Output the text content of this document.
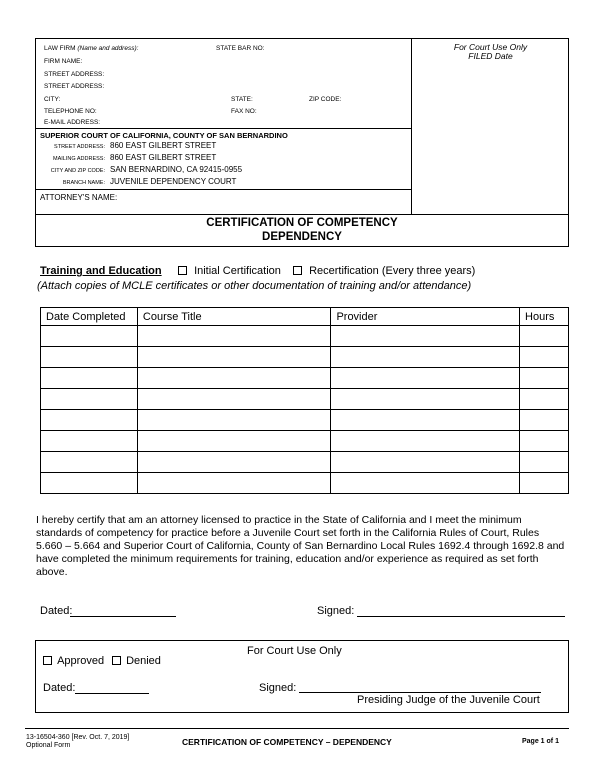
LAW FIRM (Name and address):	STATE BAR NO:
FIRM NAME:
STREET ADDRESS:
STREET ADDRESS:
CITY:	STATE:	ZIP CODE:
TELEPHONE NO:	FAX NO:
E-MAIL ADDRESS:
For Court Use Only
FILED Date
SUPERIOR COURT OF CALIFORNIA, COUNTY OF SAN BERNARDINO
STREET ADDRESS: 860 EAST GILBERT STREET
MAILING ADDRESS: 860 EAST GILBERT STREET
CITY AND ZIP CODE: SAN BERNARDINO, CA 92415-0955
BRANCH NAME: JUVENILE DEPENDENCY COURT
ATTORNEY'S NAME:
CERTIFICATION OF COMPETENCY
DEPENDENCY
Training and Education	Initial Certification	Recertification (Every three years)
(Attach copies of MCLE certificates or other documentation of training and/or attendance)
Date Completed	Course Title	Provider	Hours

I hereby certify that am an attorney licensed to practice in the State of California and I meet the minimum standards of competency for practice before a Juvenile Court set forth in the California Rules of Court, Rules 5.660 – 5.664 and Superior Court of California, County of San Bernardino Local Rules 1692.4 through 1692.8 and have completed the minimum requirements for training, education and/or experience as required as set forth above.
Dated:	Signed:
For Court Use Only
Approved	Denied
Dated:	Signed:
Presiding Judge of the Juvenile Court
13-16504-360 [Rev. Oct. 7, 2019]
Optional Form	CERTIFICATION OF COMPETENCY – DEPENDENCY	Page 1 of 1
